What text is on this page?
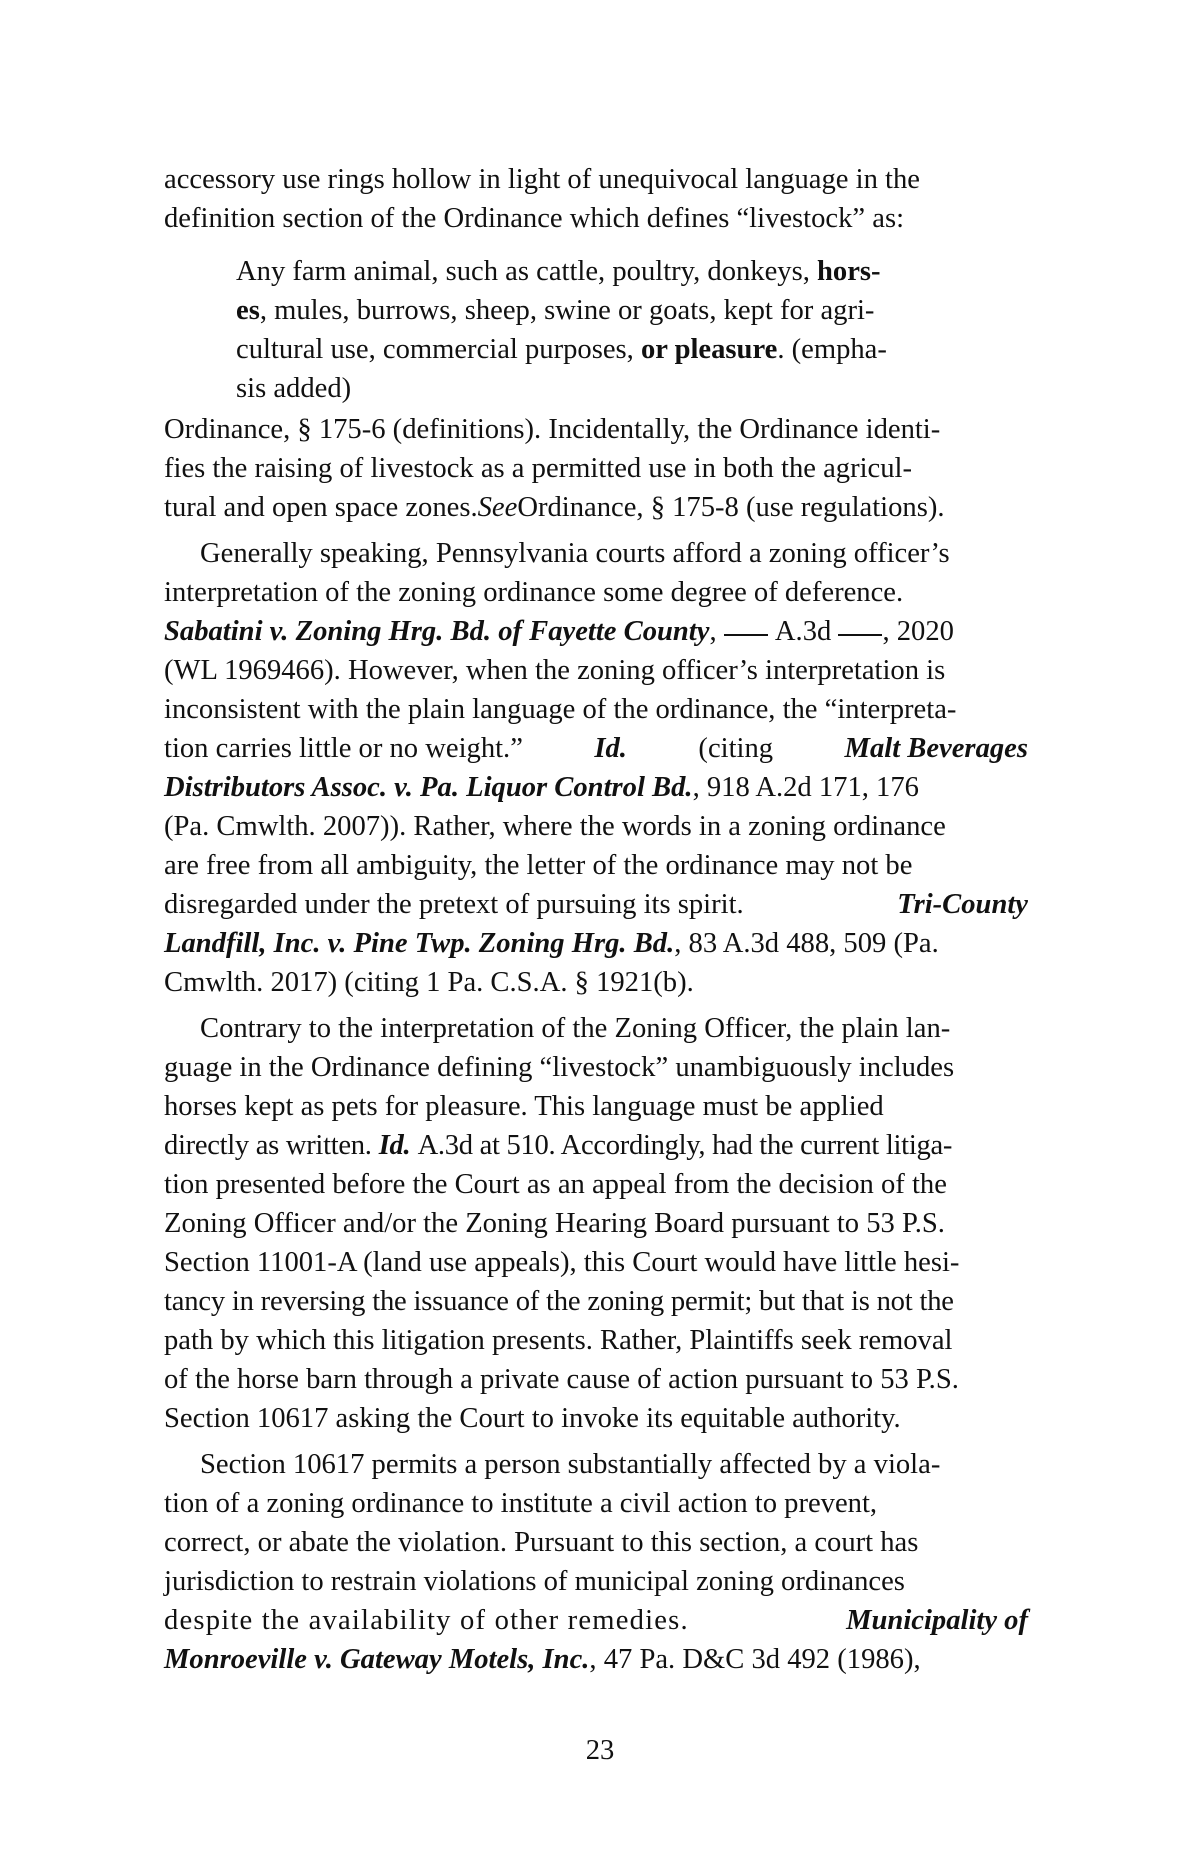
accessory use rings hollow in light of unequivocal language in the
definition section of the Ordinance which defines “livestock” as:
Any farm animal, such as cattle, poultry, donkeys, hors-
es, mules, burrows, sheep, swine or goats, kept for agri-
cultural use, commercial purposes, or pleasure. (empha-
sis added)
Ordinance, § 175-6 (definitions). Incidentally, the Ordinance identi-
fies the raising of livestock as a permitted use in both the agricul-
tural and open space zones. See Ordinance, § 175-8 (use regulations).
Generally speaking, Pennsylvania courts afford a zoning officer’s
interpretation of the zoning ordinance some degree of deference.
Sabatini v. Zoning Hrg. Bd. of Fayette County , A.3d , 2020
(WL 1969466). However, when the zoning officer’s interpretation is
inconsistent with the plain language of the ordinance, the “interpreta-
tion carries little or no weight.” Id. (citing Malt Beverages
Distributors Assoc. v. Pa. Liquor Control Bd. , 918 A.2d 171, 176
(Pa. Cmwlth. 2007)). Rather, where the words in a zoning ordinance
are free from all ambiguity, the letter of the ordinance may not be
disregarded under the pretext of pursuing its spirit.	Tri-County
Landfill, Inc. v. Pine Twp. Zoning Hrg. Bd. , 83 A.3d 488, 509 (Pa.
Cmwlth. 2017) (citing 1 Pa. C.S.A. § 1921(b).
Contrary to the interpretation of the Zoning Officer, the plain lan-
guage in the Ordinance defining “livestock” unambiguously includes
horses kept as pets for pleasure. This language must be applied
directly as written. Id. A.3d at 510. Accordingly, had the current litiga-
tion presented before the Court as an appeal from the decision of the
Zoning Officer and/or the Zoning Hearing Board pursuant to 53 P.S.
Section 11001-A (land use appeals), this Court would have little hesi-
tancy in reversing the issuance of the zoning permit; but that is not the
path by which this litigation presents. Rather, Plaintiffs seek removal
of the horse barn through a private cause of action pursuant to 53 P.S.
Section 10617 asking the Court to invoke its equitable authority.
Section 10617 permits a person substantially affected by a viola-
tion of a zoning ordinance to institute a civil action to prevent,
correct, or abate the violation. Pursuant to this section, a court has
jurisdiction to restrain violations of municipal zoning ordinances
despite the availability of other remedies.	Municipality of
Monroeville v. Gateway Motels, Inc. , 47 Pa. D&C 3d 492 (1986),
23
